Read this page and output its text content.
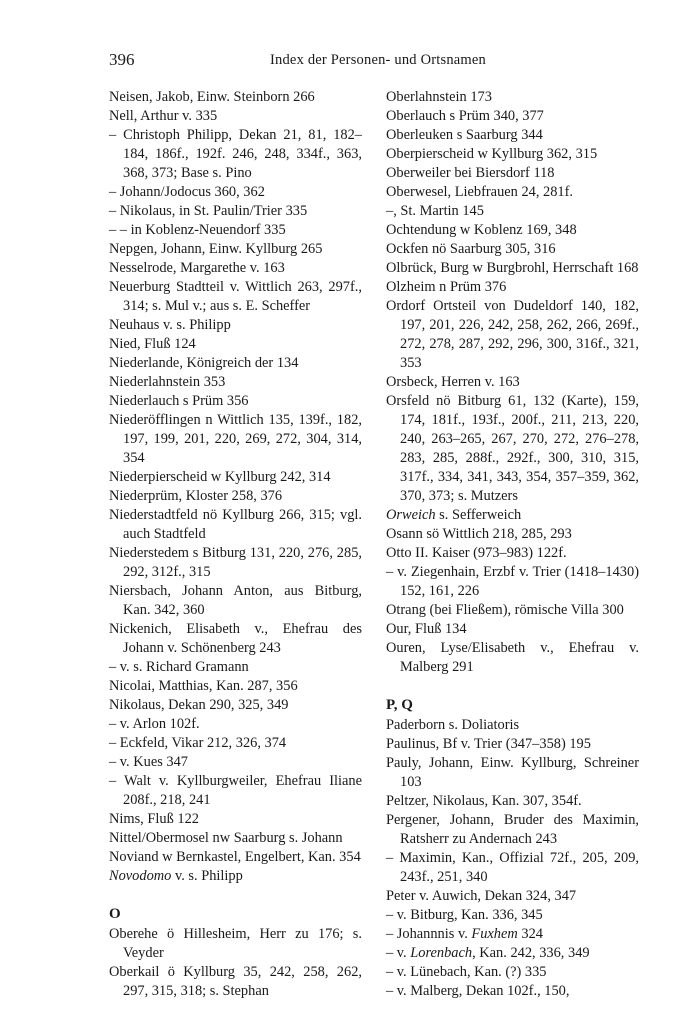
396	Index der Personen- und Ortsnamen
Neisen, Jakob, Einw. Steinborn 266
Nell, Arthur v. 335
– Christoph Philipp, Dekan 21, 81, 182–184, 186f., 192f. 246, 248, 334f., 363, 368, 373; Base s. Pino
– Johann/Jodocus 360, 362
– Nikolaus, in St. Paulin/Trier 335
– – in Koblenz-Neuendorf 335
Nepgen, Johann, Einw. Kyllburg 265
Nesselrode, Margarethe v. 163
Neuerburg Stadtteil v. Wittlich 263, 297f., 314; s. Mul v.; aus s. E. Scheffer
Neuhaus v. s. Philipp
Nied, Fluß 124
Niederlande, Königreich der 134
Niederlahnstein 353
Niederlauch s Prüm 356
Niederöfflingen n Wittlich 135, 139f., 182, 197, 199, 201, 220, 269, 272, 304, 314, 354
Niederpierscheid w Kyllburg 242, 314
Niederprüm, Kloster 258, 376
Niederstadtfeld nö Kyllburg 266, 315; vgl. auch Stadtfeld
Niederstedem s Bitburg 131, 220, 276, 285, 292, 312f., 315
Niersbach, Johann Anton, aus Bitburg, Kan. 342, 360
Nickenich, Elisabeth v., Ehefrau des Johann v. Schönenberg 243
– v. s. Richard Gramann
Nicolai, Matthias, Kan. 287, 356
Nikolaus, Dekan 290, 325, 349
– v. Arlon 102f.
– Eckfeld, Vikar 212, 326, 374
– v. Kues 347
– Walt v. Kyllburgweiler, Ehefrau Iliane 208f., 218, 241
Nims, Fluß 122
Nittel/Obermosel nw Saarburg s. Johann
Noviand w Bernkastel, Engelbert, Kan. 354
Novodomo v. s. Philipp
O
Oberehe ö Hillesheim, Herr zu 176; s. Veyder
Oberkail ö Kyllburg 35, 242, 258, 262, 297, 315, 318; s. Stephan
Oberlahnstein 173
Oberlauch s Prüm 340, 377
Oberleuken s Saarburg 344
Oberpierscheid w Kyllburg 362, 315
Oberweiler bei Biersdorf 118
Oberwesel, Liebfrauen 24, 281f.
–, St. Martin 145
Ochtendung w Koblenz 169, 348
Ockfen nö Saarburg 305, 316
Olbrück, Burg w Burgbrohl, Herrschaft 168
Olzheim n Prüm 376
Ordorf Ortsteil von Dudeldorf 140, 182, 197, 201, 226, 242, 258, 262, 266, 269f., 272, 278, 287, 292, 296, 300, 316f., 321, 353
Orsbeck, Herren v. 163
Orsfeld nö Bitburg 61, 132 (Karte), 159, 174, 181f., 193f., 200f., 211, 213, 220, 240, 263–265, 267, 270, 272, 276–278, 283, 285, 288f., 292f., 300, 310, 315, 317f., 334, 341, 343, 354, 357–359, 362, 370, 373; s. Mutzers
Orweich s. Sefferweich
Osann sö Wittlich 218, 285, 293
Otto II. Kaiser (973–983) 122f.
– v. Ziegenhain, Erzbf v. Trier (1418–1430) 152, 161, 226
Otrang (bei Fließem), römische Villa 300
Our, Fluß 134
Ouren, Lyse/Elisabeth v., Ehefrau v. Malberg 291
P, Q
Paderborn s. Doliatoris
Paulinus, Bf v. Trier (347–358) 195
Pauly, Johann, Einw. Kyllburg, Schreiner 103
Peltzer, Nikolaus, Kan. 307, 354f.
Pergener, Johann, Bruder des Maximin, Ratsherr zu Andernach 243
– Maximin, Kan., Offizial 72f., 205, 209, 243f., 251, 340
Peter v. Auwich, Dekan 324, 347
– v. Bitburg, Kan. 336, 345
– Johannnis v. Fuxhem 324
– v. Lorenbach, Kan. 242, 336, 349
– v. Lünebach, Kan. (?) 335
– v. Malberg, Dekan 102f., 150,
